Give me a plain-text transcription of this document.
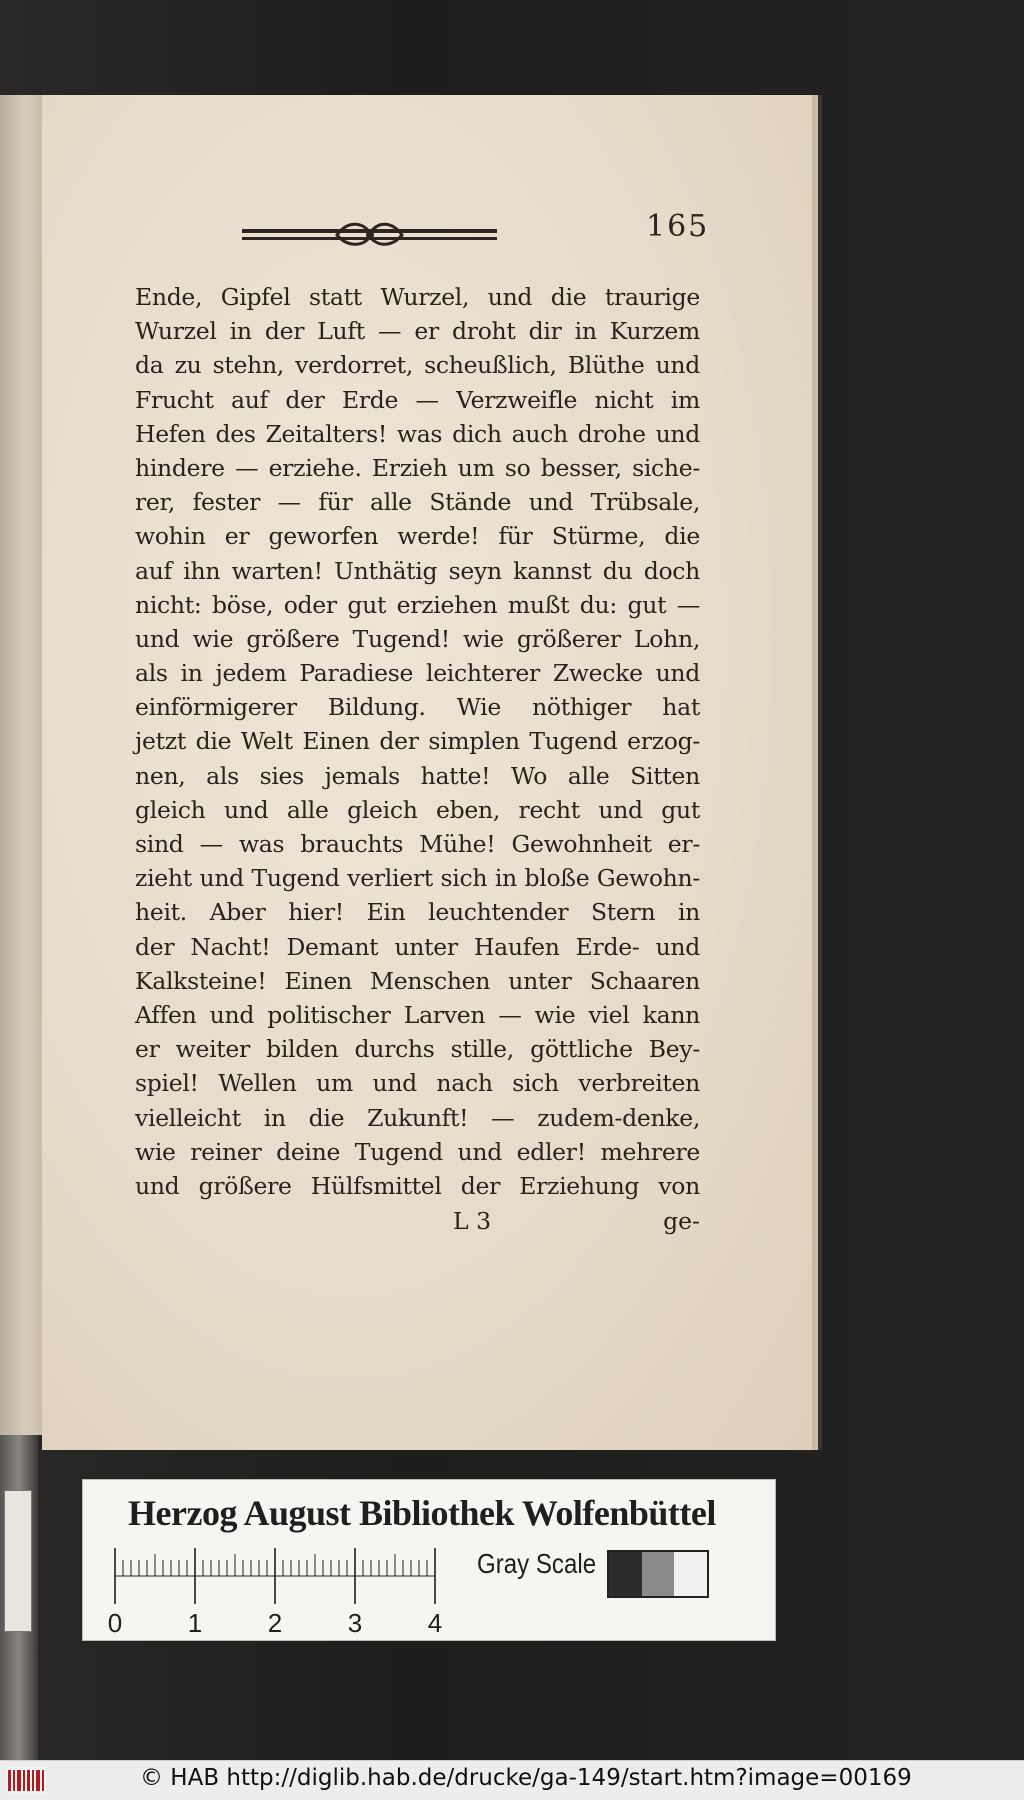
165
Ende, Gipfel statt Wurzel, und die traurige
Wurzel in der Luft — er droht dir in Kurzem
da zu stehn, verdorret, scheußlich, Blüthe und
Frucht auf der Erde — Verzweifle nicht im
Hefen des Zeitalters! was dich auch drohe und
hindere — erziehe. Erzieh um so besser, siche-
rer, fester — für alle Stände und Trübsale,
wohin er geworfen werde! für Stürme, die
auf ihn warten! Unthätig seyn kannst du doch
nicht: böse, oder gut erziehen mußt du: gut —
und wie größere Tugend! wie größerer Lohn,
als in jedem Paradiese leichterer Zwecke und
einförmigerer Bildung. Wie nöthiger hat
jetzt die Welt Einen der simplen Tugend erzog-
nen, als sies jemals hatte! Wo alle Sitten
gleich und alle gleich eben, recht und gut
sind — was brauchts Mühe! Gewohnheit er-
zieht und Tugend verliert sich in bloße Gewohn-
heit. Aber hier! Ein leuchtender Stern in
der Nacht! Demant unter Haufen Erde- und
Kalksteine! Einen Menschen unter Schaaren
Affen und politischer Larven — wie viel kann
er weiter bilden durchs stille, göttliche Bey-
spiel! Wellen um und nach sich verbreiten
vielleicht in die Zukunft! — zudem-denke,
wie reiner deine Tugend und edler! mehrere
und größere Hülfsmittel der Erziehung von
L 3	ge-
Herzog August Bibliothek Wolfenbüttel
0	1	2	3	4
Gray Scale
© HAB http://diglib.hab.de/drucke/ga-149/start.htm?image=00169
